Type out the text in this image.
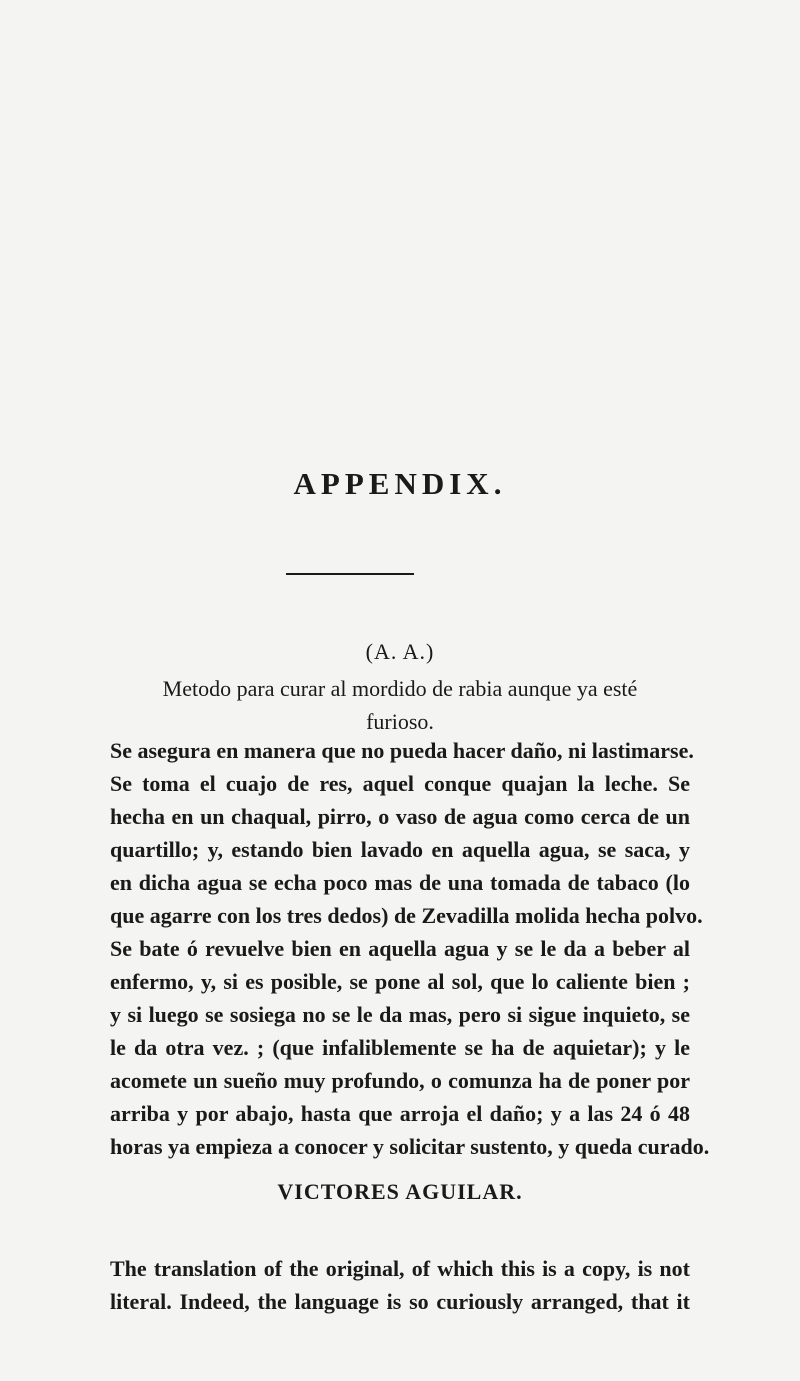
APPENDIX.
(A. A.)
Metodo para curar al mordido de rabia aunque ya esté
furioso.
Se asegura en manera que no pueda hacer daño, ni lastimarse.
Se toma el cuajo de res, aquel conque quajan la leche. Se
hecha en un chaqual, pirro, o vaso de agua como cerca de un
quartillo; y, estando bien lavado en aquella agua, se saca, y
en dicha agua se echa poco mas de una tomada de tabaco (lo
que agarre con los tres dedos) de Zevadilla molida hecha polvo.
Se bate ó revuelve bien en aquella agua y se le da a beber al
enfermo, y, si es posible, se pone al sol, que lo caliente bien ;
y si luego se sosiega no se le da mas, pero si sigue inquieto, se
le da otra vez. ; (que infaliblemente se ha de aquietar); y le
acomete un sueño muy profundo, o comunza ha de poner por
arriba y por abajo, hasta que arroja el daño; y a las 24 ó 48
horas ya empieza a conocer y solicitar sustento, y queda curado.
VICTORES AGUILAR.
The translation of the original, of which this is a copy, is not
literal. Indeed, the language is so curiously arranged, that it
